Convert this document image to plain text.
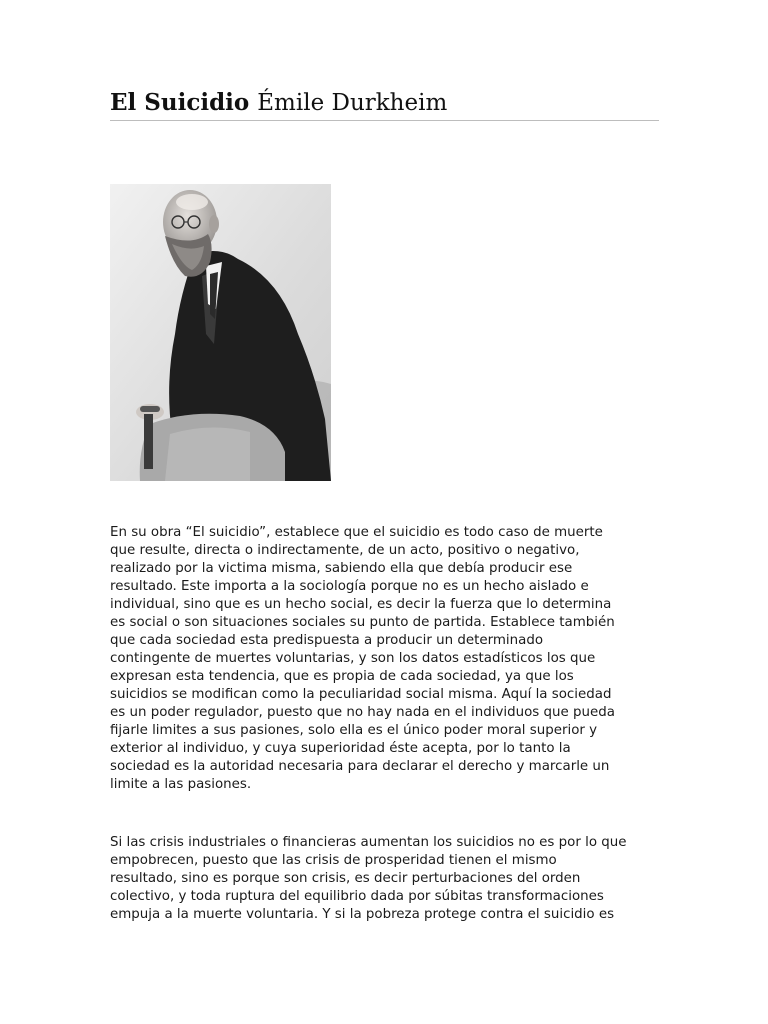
El Suicidio Émile Durkheim

En su obra “El suicidio”, establece que el suicidio es todo caso de muerte
que resulte, directa o indirectamente, de un acto, positivo o negativo,
realizado por la victima misma, sabiendo ella que debía producir ese
resultado. Este importa a la sociología porque no es un hecho aislado e
individual, sino que es un hecho social, es decir la fuerza que lo determina
es social o son situaciones sociales su punto de partida. Establece también
que cada sociedad esta predispuesta a producir un determinado
contingente de muertes voluntarias, y son los datos estadísticos los que
expresan esta tendencia, que es propia de cada sociedad, ya que los
suicidios se modifican como la peculiaridad social misma. Aquí la sociedad
es un poder regulador, puesto que no hay nada en el individuos que pueda
fijarle limites a sus pasiones, solo ella es el único poder moral superior y
exterior al individuo, y cuya superioridad éste acepta, por lo tanto la
sociedad es la autoridad necesaria para declarar el derecho y marcarle un
limite a las pasiones.

Si las crisis industriales o financieras aumentan los suicidios no es por lo que
empobrecen, puesto que las crisis de prosperidad tienen el mismo
resultado, sino es porque son crisis, es decir perturbaciones del orden
colectivo, y toda ruptura del equilibrio dada por súbitas transformaciones
empuja a la muerte voluntaria. Y si la pobreza protege contra el suicidio es
